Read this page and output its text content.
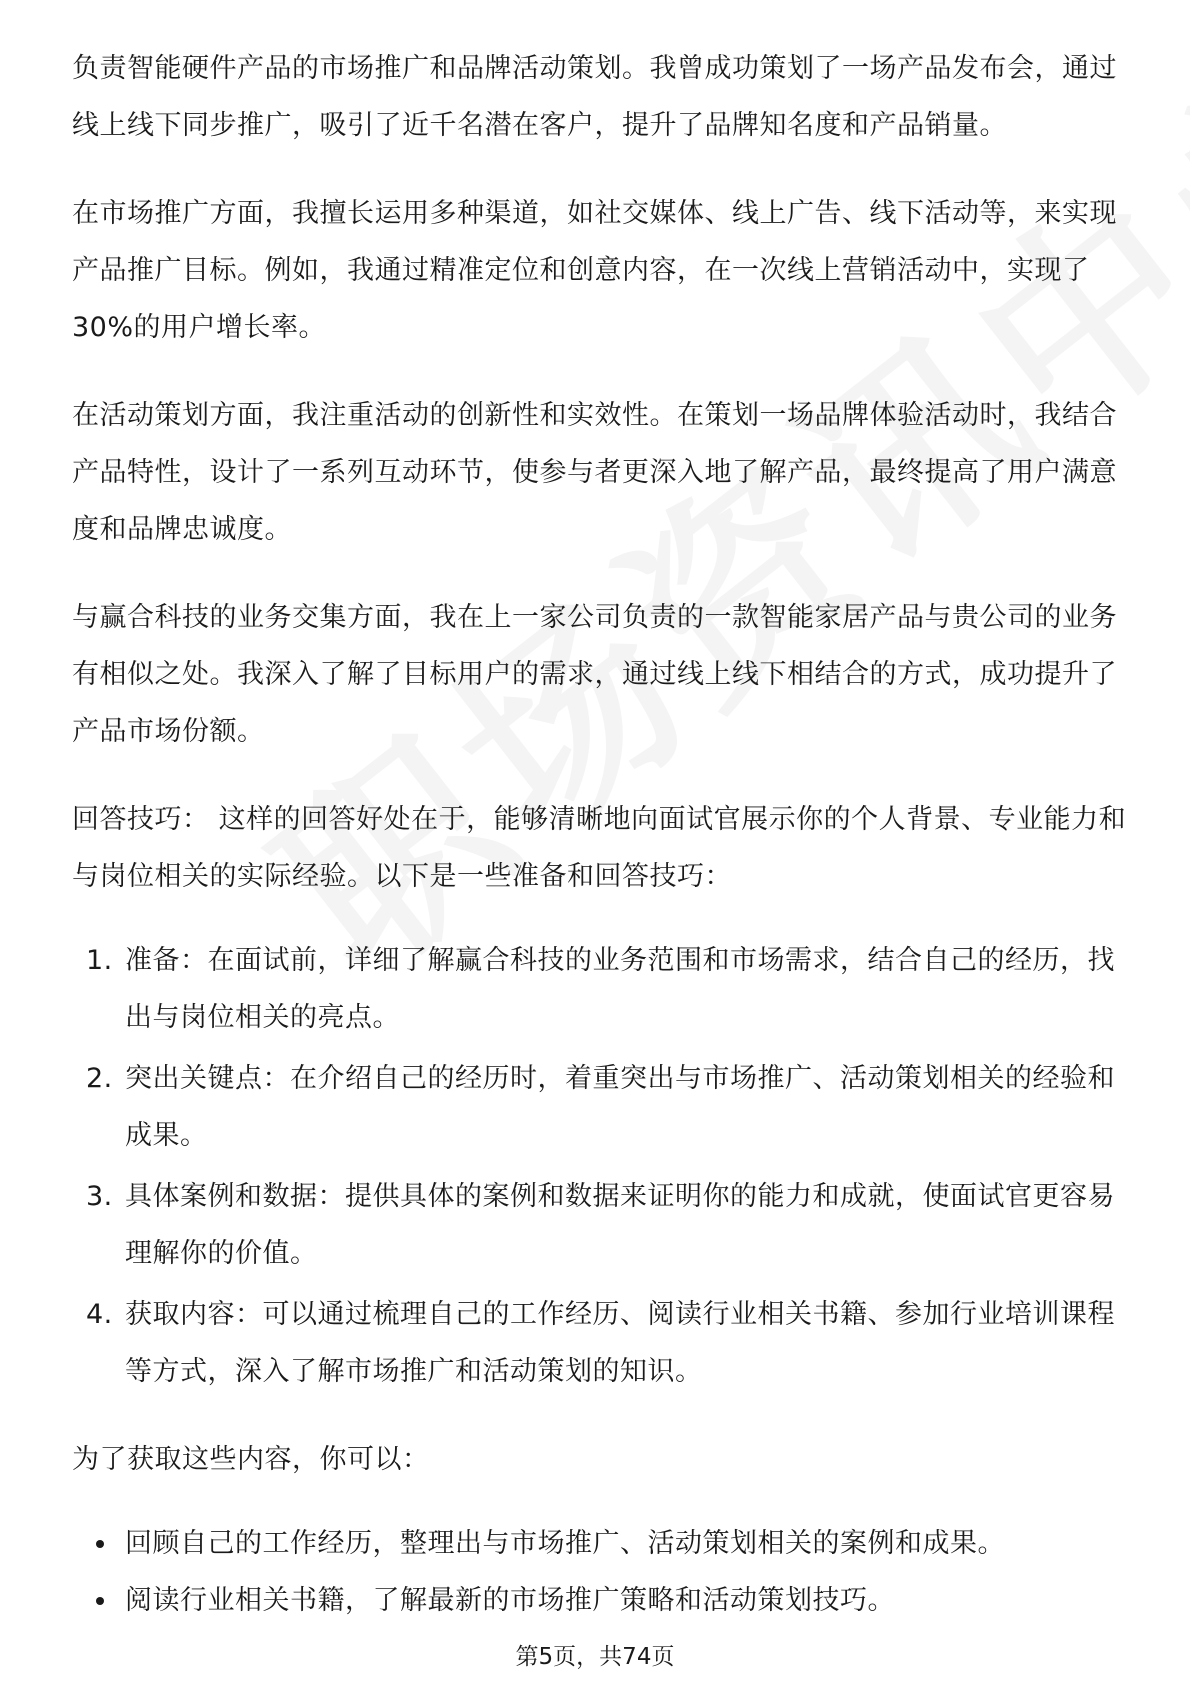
负责智能硬件产品的市场推广和品牌活动策划。我曾成功策划了一场产品发布会，通过线上线下同步推广，吸引了近千名潜在客户，提升了品牌知名度和产品销量。

在市场推广方面，我擅长运用多种渠道，如社交媒体、线上广告、线下活动等，来实现产品推广目标。例如，我通过精准定位和创意内容，在一次线上营销活动中，实现了30%的用户增长率。

在活动策划方面，我注重活动的创新性和实效性。在策划一场品牌体验活动时，我结合产品特性，设计了一系列互动环节，使参与者更深入地了解产品，最终提高了用户满意度和品牌忠诚度。

与赢合科技的业务交集方面，我在上一家公司负责的一款智能家居产品与贵公司的业务有相似之处。我深入了解了目标用户的需求，通过线上线下相结合的方式，成功提升了产品市场份额。

回答技巧： 这样的回答好处在于，能够清晰地向面试官展示你的个人背景、专业能力和与岗位相关的实际经验。以下是一些准备和回答技巧：

1. 准备：在面试前，详细了解赢合科技的业务范围和市场需求，结合自己的经历，找出与岗位相关的亮点。
2. 突出关键点：在介绍自己的经历时，着重突出与市场推广、活动策划相关的经验和成果。
3. 具体案例和数据：提供具体的案例和数据来证明你的能力和成就，使面试官更容易理解你的价值。
4. 获取内容：可以通过梳理自己的工作经历、阅读行业相关书籍、参加行业培训课程等方式，深入了解市场推广和活动策划的知识。

为了获取这些内容，你可以：

回顾自己的工作经历，整理出与市场推广、活动策划相关的案例和成果。
阅读行业相关书籍，了解最新的市场推广策略和活动策划技巧。
第5页，共74页
